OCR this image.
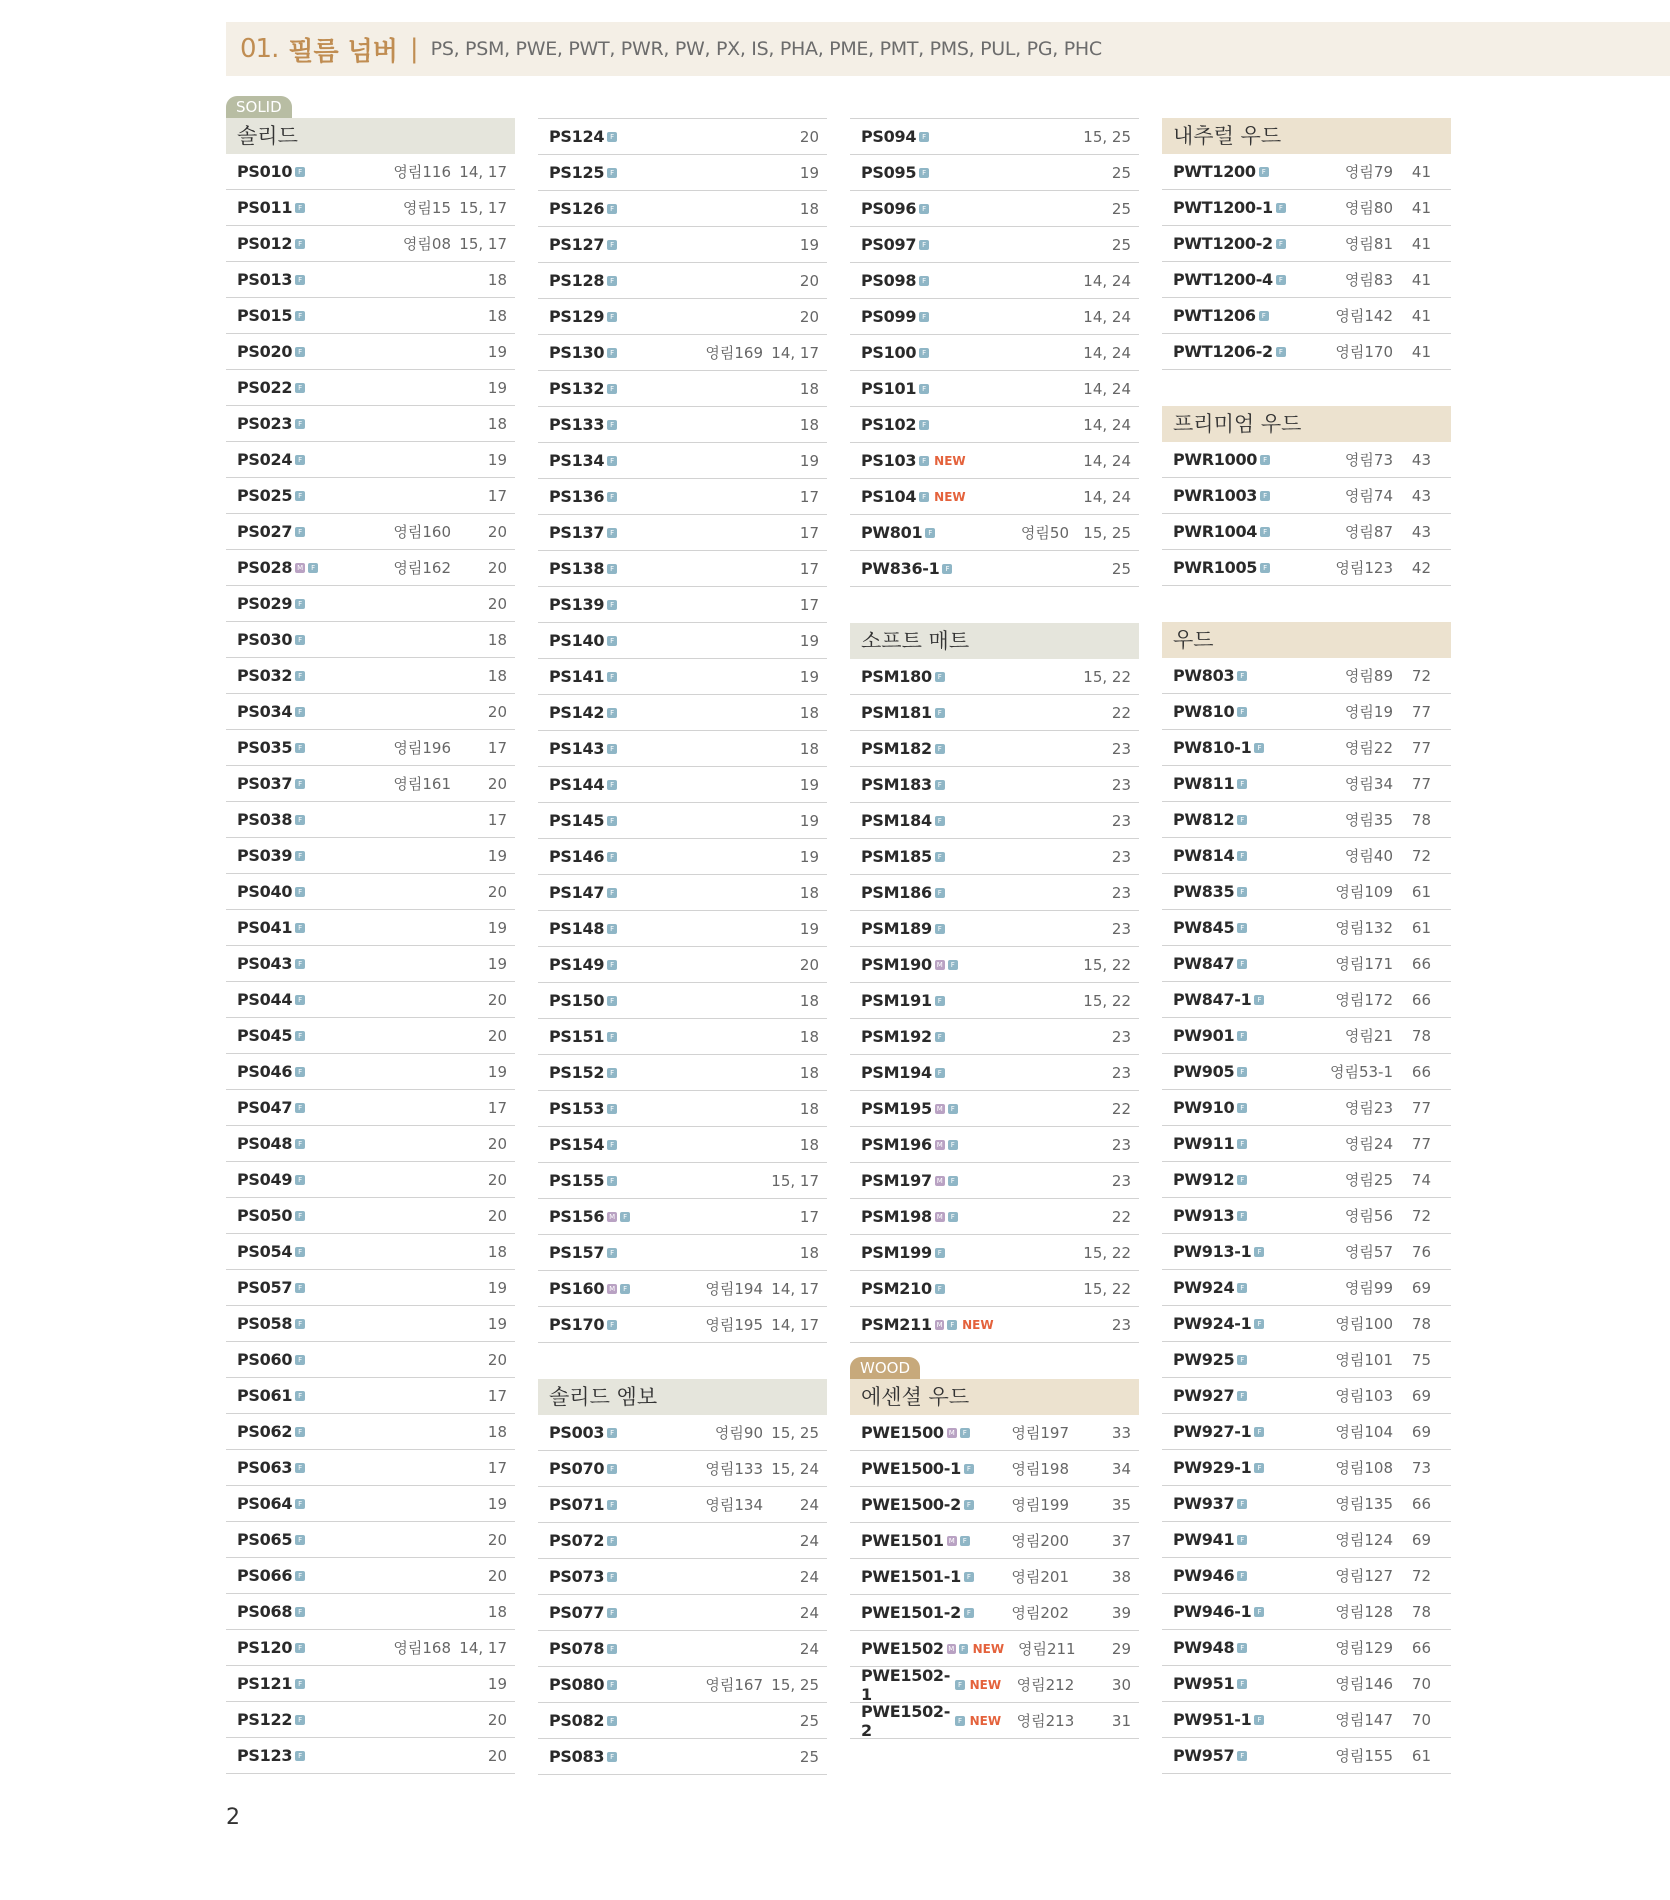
01. 필름 넘버 | PS, PSM, PWE, PWT, PWR, PW, PX, IS, PHA, PME, PMT, PMS, PUL, PG, PHC
SOLID
솔리드
PS010 F	영림116 14, 17
PS011 F	영림15 15, 17
PS012 F	영림08 15, 17
PS013 F	18
PS015 F	18
PS020 F	19
PS022 F	19
PS023 F	18
PS024 F	19
PS025 F	17
PS027 F	영림160	20
PS028 M	F	영림162	20
PS029 F	20
PS030 F	18
PS032 F	18
PS034 F	20
PS035 F	영림196	17
PS037 F	영림161	20
PS038 F	17
PS039 F	19
PS040 F	20
PS041 F	19
PS043 F	19
PS044 F	20
PS045 F	20
PS046 F	19
PS047 F	17
PS048 F	20
PS049 F	20
PS050 F	20
PS054 F	18
PS057 F	19
PS058 F	19
PS060 F	20
PS061 F	17
PS062 F	18
PS063 F	17
PS064 F	19
PS065 F	20
PS066 F	20
PS068 F	18
PS120 F	영림168 14, 17
PS121 F	19
PS122 F	20
PS123 F	20
PS124 F	20
PS125 F	19
PS126 F	18
PS127 F	19
PS128 F	20
PS129 F	20
PS130 F	영림169 14, 17
PS132 F	18
PS133 F	18
PS134 F	19
PS136 F	17
PS137 F	17
PS138 F	17
PS139 F	17
PS140 F	19
PS141 F	19
PS142 F	18
PS143 F	18
PS144 F	19
PS145 F	19
PS146 F	19
PS147 F	18
PS148 F	19
PS149 F	20
PS150 F	18
PS151 F	18
PS152 F	18
PS153 F	18
PS154 F	18
PS155 F	15, 17
PS156 M	F	17
PS157 F	18
PS160 M	F	영림194 14, 17
PS170 F	영림195 14, 17
솔리드 엠보
PS003 F	영림90 15, 25
PS070 F	영림133 15, 24
PS071 F	영림134	24
PS072 F	24
PS073 F	24
PS077 F	24
PS078 F	24
PS080 F	영림167 15, 25
PS082 F	25
PS083 F	25
PS094 F	15, 25
PS095 F	25
PS096 F	25
PS097 F	25
PS098 F	14, 24
PS099 F	14, 24
PS100 F	14, 24
PS101 F	14, 24
PS102 F	14, 24
PS103 F NEW	14, 24
PS104 F NEW	14, 24
PW801 F	영림50 15, 25
PW836-1 F	25
소프트 매트
PSM180 F	15, 22
PSM181 F	22
PSM182 F	23
PSM183 F	23
PSM184 F	23
PSM185 F	23
PSM186 F	23
PSM189 F	23
PSM190 M	F	15, 22
PSM191 F	15, 22
PSM192 F	23
PSM194 F	23
PSM195 M	F	22
PSM196 M	F	23
PSM197 M	F	23
PSM198 M	F	22
PSM199 F	15, 22
PSM210 F	15, 22
PSM211 M	F NEW	23
WOOD
에센셜 우드
PWE1500 M	F	영림197	33
PWE1500-1 F	영림198	34
PWE1500-2 F	영림199	35
PWE1501 M	F	영림200	37
PWE1501-1 F	영림201	38
PWE1501-2 F	영림202	39
PWE1502 M F NEW 영림211	29
PWE1502-1	F NEW	영림212	30
PWE1502-2	F NEW	영림213	31
내추럴 우드
PWT1200 F	영림79	41
PWT1200-1 F	영림80	41
PWT1200-2 F	영림81	41
PWT1200-4 F	영림83	41
PWT1206 F	영림142	41
PWT1206-2 F	영림170	41
프리미엄 우드
PWR1000 F	영림73	43
PWR1003 F	영림74	43
PWR1004 F	영림87	43
PWR1005 F	영림123	42
우드
PW803 F	영림89	72
PW810 F	영림19	77
PW810-1 F	영림22	77
PW811 F	영림34	77
PW812 F	영림35	78
PW814 F	영림40	72
PW835 F	영림109	61
PW845 F	영림132	61
PW847 F	영림171	66
PW847-1 F	영림172	66
PW901 F	영림21	78
PW905 F	영림53-1	66
PW910 F	영림23	77
PW911 F	영림24	77
PW912 F	영림25	74
PW913 F	영림56	72
PW913-1 F	영림57	76
PW924 F	영림99	69
PW924-1 F	영림100	78
PW925 F	영림101	75
PW927 F	영림103	69
PW927-1 F	영림104	69
PW929-1 F	영림108	73
PW937 F	영림135	66
PW941 F	영림124	69
PW946 F	영림127	72
PW946-1 F	영림128	78
PW948 F	영림129	66
PW951 F	영림146	70
PW951-1 F	영림147	70
PW957 F	영림155	61
2
